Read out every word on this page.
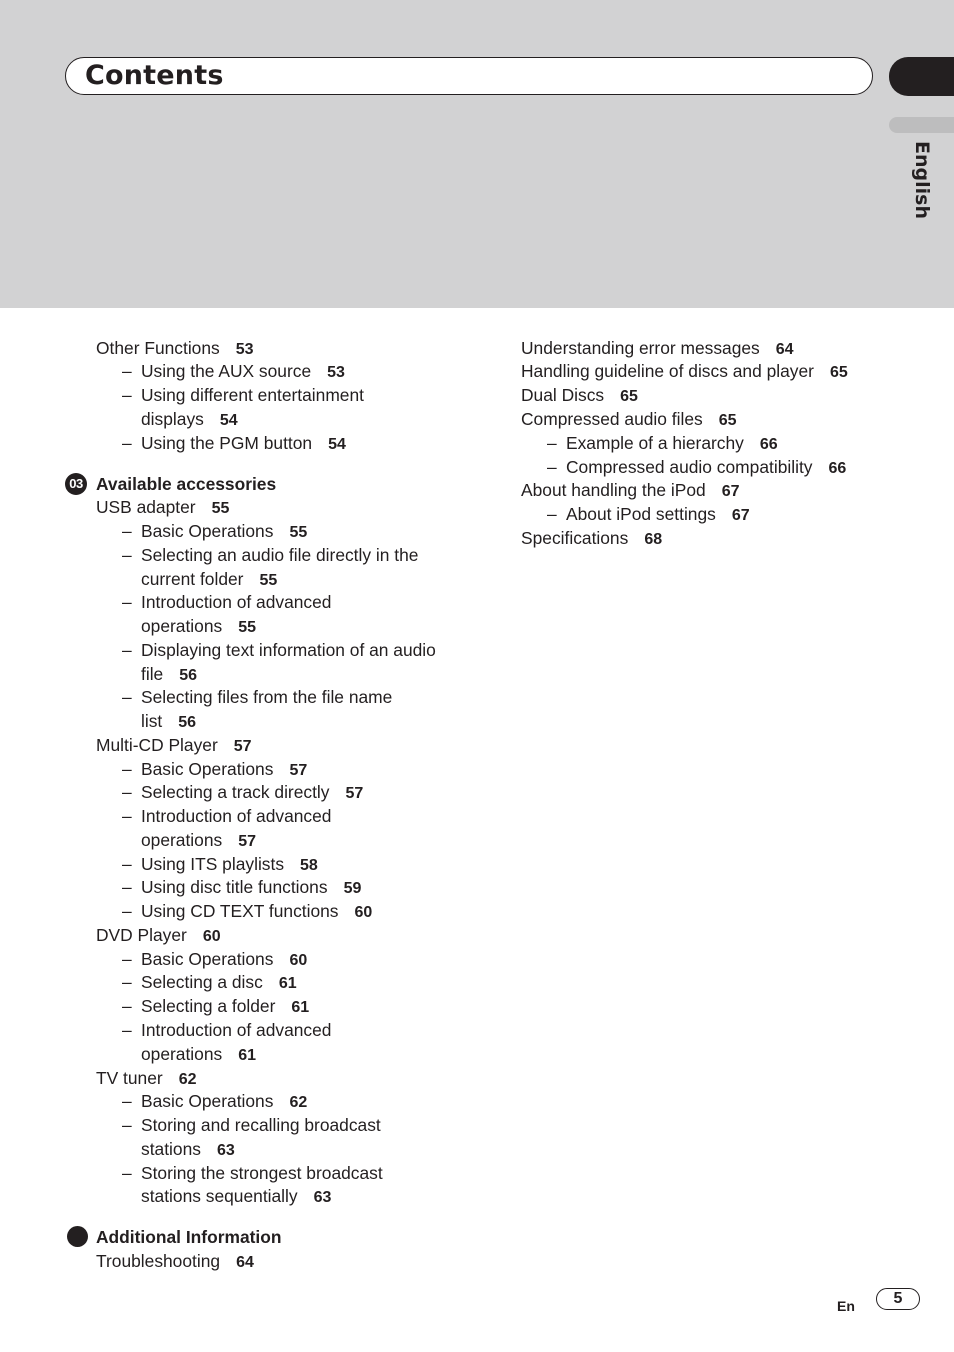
Contents
English
Other Functions 53
– Using the AUX source 53
– Using different entertainment
displays 54
– Using the PGM button 54
03 Available accessories
USB adapter 55
– Basic Operations 55
– Selecting an audio file directly in the
current folder 55
– Introduction of advanced
operations 55
– Displaying text information of an audio
file 56
– Selecting files from the file name
list 56
Multi-CD Player 57
– Basic Operations 57
– Selecting a track directly 57
– Introduction of advanced
operations 57
– Using ITS playlists 58
– Using disc title functions 59
– Using CD TEXT functions 60
DVD Player 60
– Basic Operations 60
– Selecting a disc 61
– Selecting a folder 61
– Introduction of advanced
operations 61
TV tuner 62
– Basic Operations 62
– Storing and recalling broadcast
stations 63
– Storing the strongest broadcast
stations sequentially 63
Additional Information
Troubleshooting 64
Understanding error messages 64
Handling guideline of discs and player 65
Dual Discs 65
Compressed audio files 65
– Example of a hierarchy 66
– Compressed audio compatibility 66
About handling the iPod 67
– About iPod settings 67
Specifications 68
En	5
